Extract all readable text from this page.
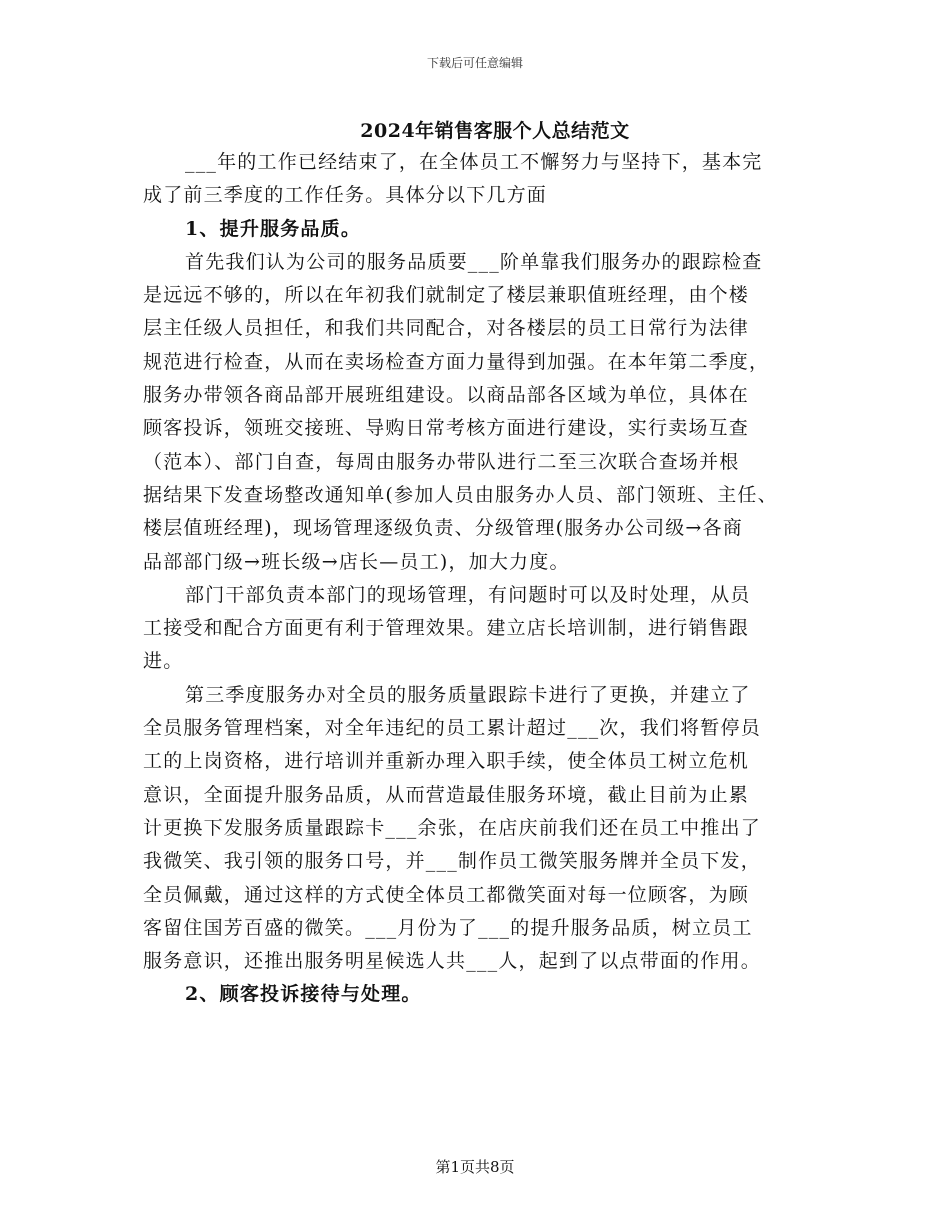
下载后可任意编辑
2024年销售客服个人总结范文
___年的工作已经结束了，在全体员工不懈努力与坚持下，基本完
成了前三季度的工作任务。具体分以下几方面
1、提升服务品质。
首先我们认为公司的服务品质要___阶单靠我们服务办的跟踪检查
是远远不够的，所以在年初我们就制定了楼层兼职值班经理，由个楼
层主任级人员担任，和我们共同配合，对各楼层的员工日常行为法律
规范进行检查，从而在卖场检查方面力量得到加强。在本年第二季度，
服务办带领各商品部开展班组建设。以商品部各区域为单位，具体在
顾客投诉，领班交接班、导购日常考核方面进行建设，实行卖场互查
（范本）、部门自查，每周由服务办带队进行二至三次联合查场并根
据结果下发查场整改通知单(参加人员由服务办人员、部门领班、主任、
楼层值班经理)，现场管理逐级负责、分级管理(服务办公司级→各商
品部部门级→班长级→店长—员工)，加大力度。
部门干部负责本部门的现场管理，有问题时可以及时处理，从员
工接受和配合方面更有利于管理效果。建立店长培训制，进行销售跟
进。
第三季度服务办对全员的服务质量跟踪卡进行了更换，并建立了
全员服务管理档案，对全年违纪的员工累计超过___次，我们将暂停员
工的上岗资格，进行培训并重新办理入职手续，使全体员工树立危机
意识，全面提升服务品质，从而营造最佳服务环境，截止目前为止累
计更换下发服务质量跟踪卡___余张，在店庆前我们还在员工中推出了
我微笑、我引领的服务口号，并___制作员工微笑服务牌并全员下发，
全员佩戴，通过这样的方式使全体员工都微笑面对每一位顾客，为顾
客留住国芳百盛的微笑。___月份为了___的提升服务品质，树立员工
服务意识，还推出服务明星候选人共___人，起到了以点带面的作用。
2、顾客投诉接待与处理。
第1页共8页
